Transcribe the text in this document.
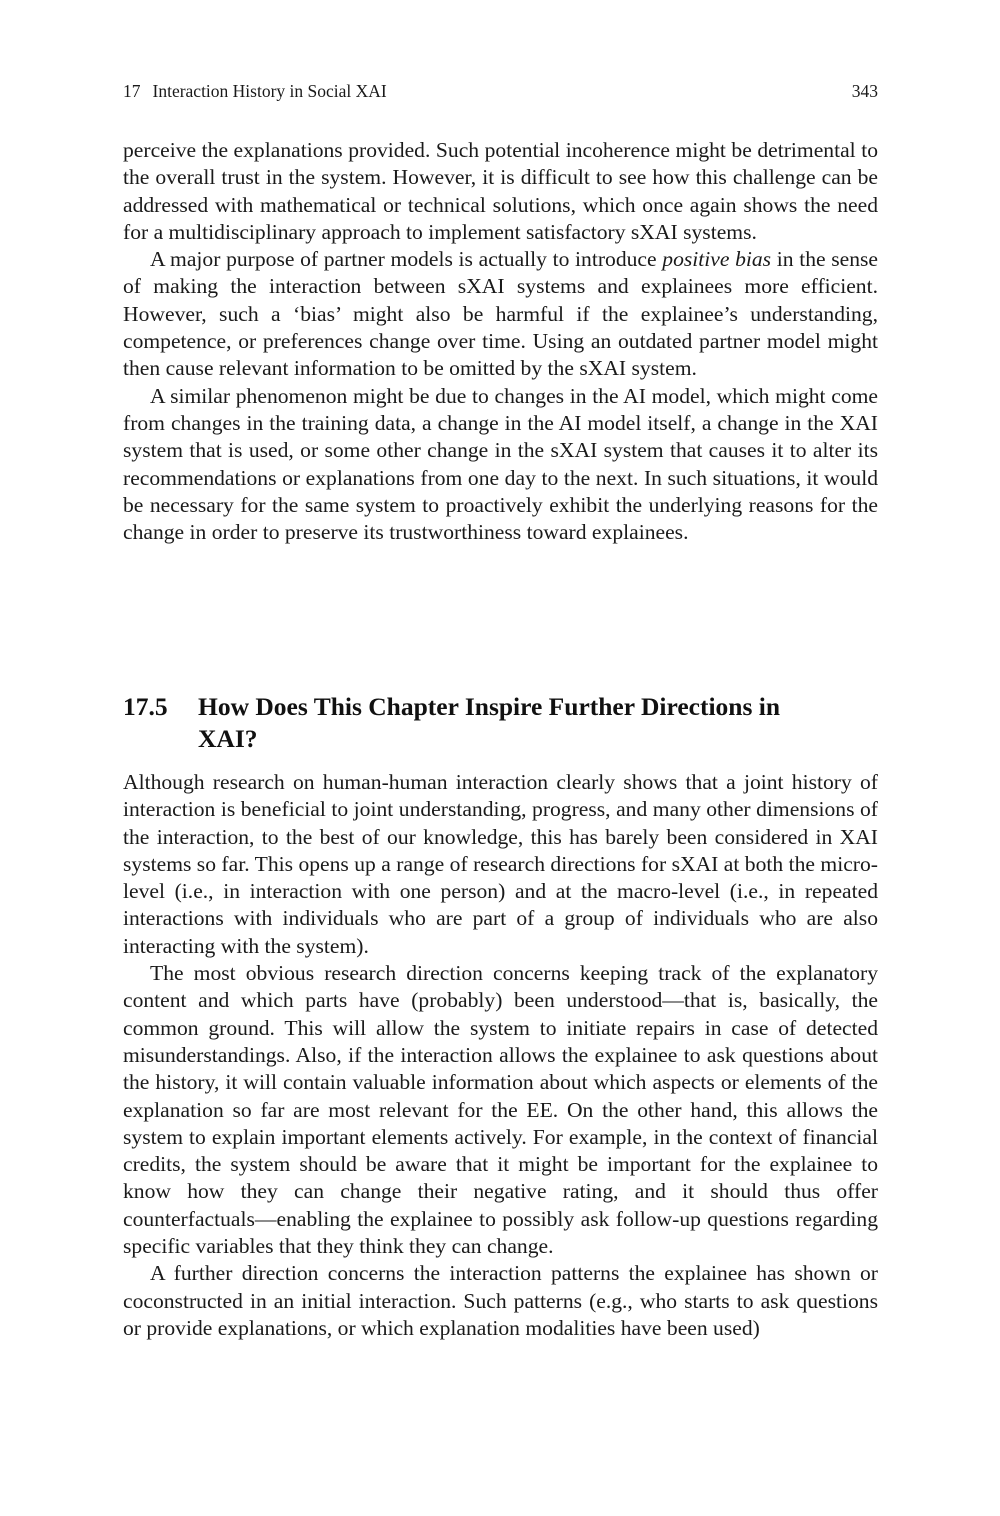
17 Interaction History in Social XAI	343

perceive the explanations provided. Such potential incoherence might be detrimental to the overall trust in the system. However, it is difficult to see how this challenge can be addressed with mathematical or technical solutions, which once again shows the need for a multidisciplinary approach to implement satisfactory sXAI systems.

A major purpose of partner models is actually to introduce positive bias in the sense of making the interaction between sXAI systems and explainees more efficient. However, such a ‘bias’ might also be harmful if the explainee’s understanding, competence, or preferences change over time. Using an outdated partner model might then cause relevant information to be omitted by the sXAI system.

A similar phenomenon might be due to changes in the AI model, which might come from changes in the training data, a change in the AI model itself, a change in the XAI system that is used, or some other change in the sXAI system that causes it to alter its recommendations or explanations from one day to the next. In such situations, it would be necessary for the same system to proactively exhibit the underlying reasons for the change in order to preserve its trustworthiness toward explainees.

17.5 How Does This Chapter Inspire Further Directions in XAI?

Although research on human-human interaction clearly shows that a joint history of interaction is beneficial to joint understanding, progress, and many other dimensions of the interaction, to the best of our knowledge, this has barely been considered in XAI systems so far. This opens up a range of research directions for sXAI at both the micro-level (i.e., in interaction with one person) and at the macro-level (i.e., in repeated interactions with individuals who are part of a group of individuals who are also interacting with the system).

The most obvious research direction concerns keeping track of the explanatory content and which parts have (probably) been understood—that is, basically, the common ground. This will allow the system to initiate repairs in case of detected misunderstandings. Also, if the interaction allows the explainee to ask questions about the history, it will contain valuable information about which aspects or elements of the explanation so far are most relevant for the EE. On the other hand, this allows the system to explain important elements actively. For example, in the context of financial credits, the system should be aware that it might be important for the explainee to know how they can change their negative rating, and it should thus offer counterfactuals—enabling the explainee to possibly ask follow-up questions regarding specific variables that they think they can change.

A further direction concerns the interaction patterns the explainee has shown or coconstructed in an initial interaction. Such patterns (e.g., who starts to ask questions or provide explanations, or which explanation modalities have been used)
